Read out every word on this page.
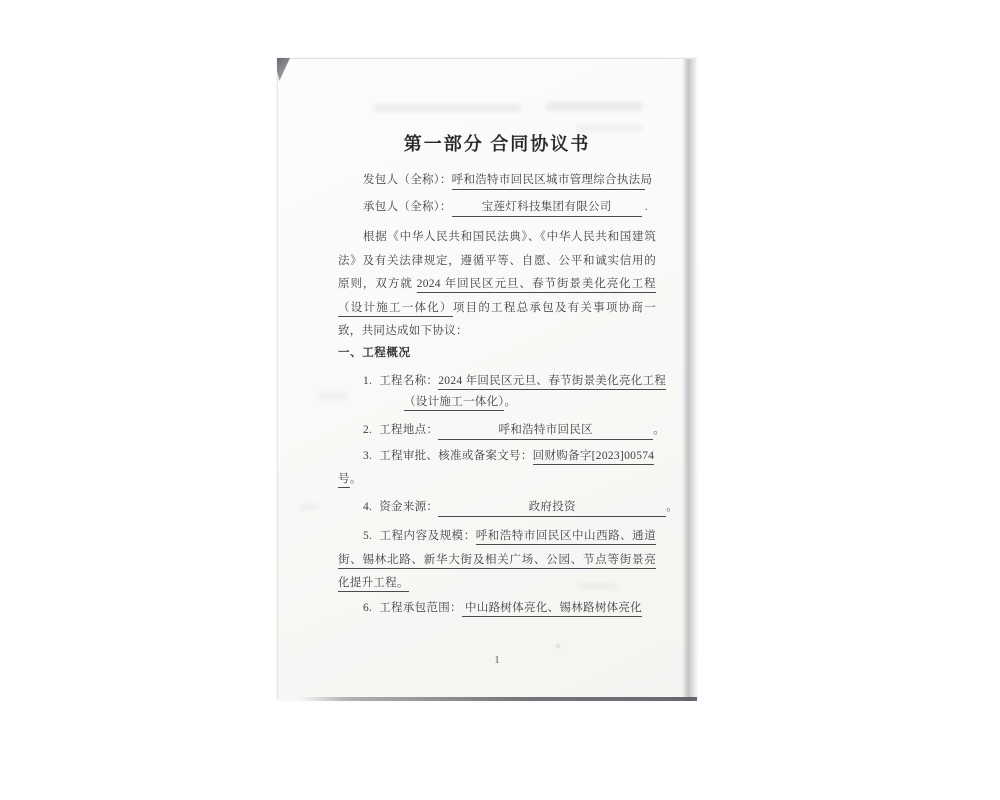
第一部分 合同协议书
发包人（全称）：呼和浩特市回民区城市管理综合执法局
承包人（全称）：	宝莲灯科技集团有限公司	.
根据《中华人民共和国民法典》、《中华人民共和国建筑法》及有关法律规定，遵循平等、自愿、公平和诚实信用的原则，双方就 2024 年回民区元旦、春节街景美化亮化工程（设计施工一体化）项目的工程总承包及有关事项协商一致，共同达成如下协议：
一、工程概况
1. 工程名称：2024 年回民区元旦、春节街景美化亮化工程
（设计施工一体化）。
2. 工程地点：	呼和浩特市回民区	。
3. 工程审批、核准或备案文号：回财购备字[2023]00574
号。
4. 资金来源：	政府投资	。
5. 工程内容及规模：呼和浩特市回民区中山西路、通道街、锡林北路、新华大街及相关广场、公园、节点等街景亮化提升工程。
6. 工程承包范围： 中山路树体亮化、锡林路树体亮化
1
